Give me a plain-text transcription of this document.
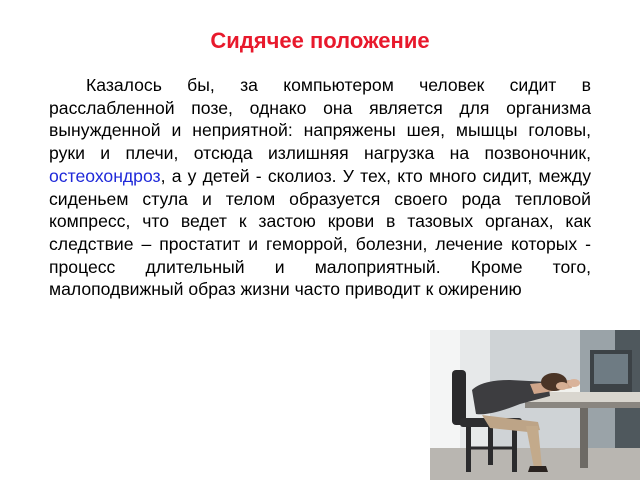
Сидячее положение

Казалось бы, за компьютером человек сидит в расслабленной позе, однако она является для организма вынужденной и неприятной: напряжены шея, мышцы головы, руки и плечи, отсюда излишняя нагрузка на позвоночник, остеохондроз, а у детей - сколиоз. У тех, кто много сидит, между сиденьем стула и телом образуется своего рода тепловой компресс, что ведет к застою крови в тазовых органах, как следствие – простатит и геморрой, болезни, лечение которых - процесс длительный и малоприятный. Кроме того, малоподвижный образ жизни часто приводит к ожирению
